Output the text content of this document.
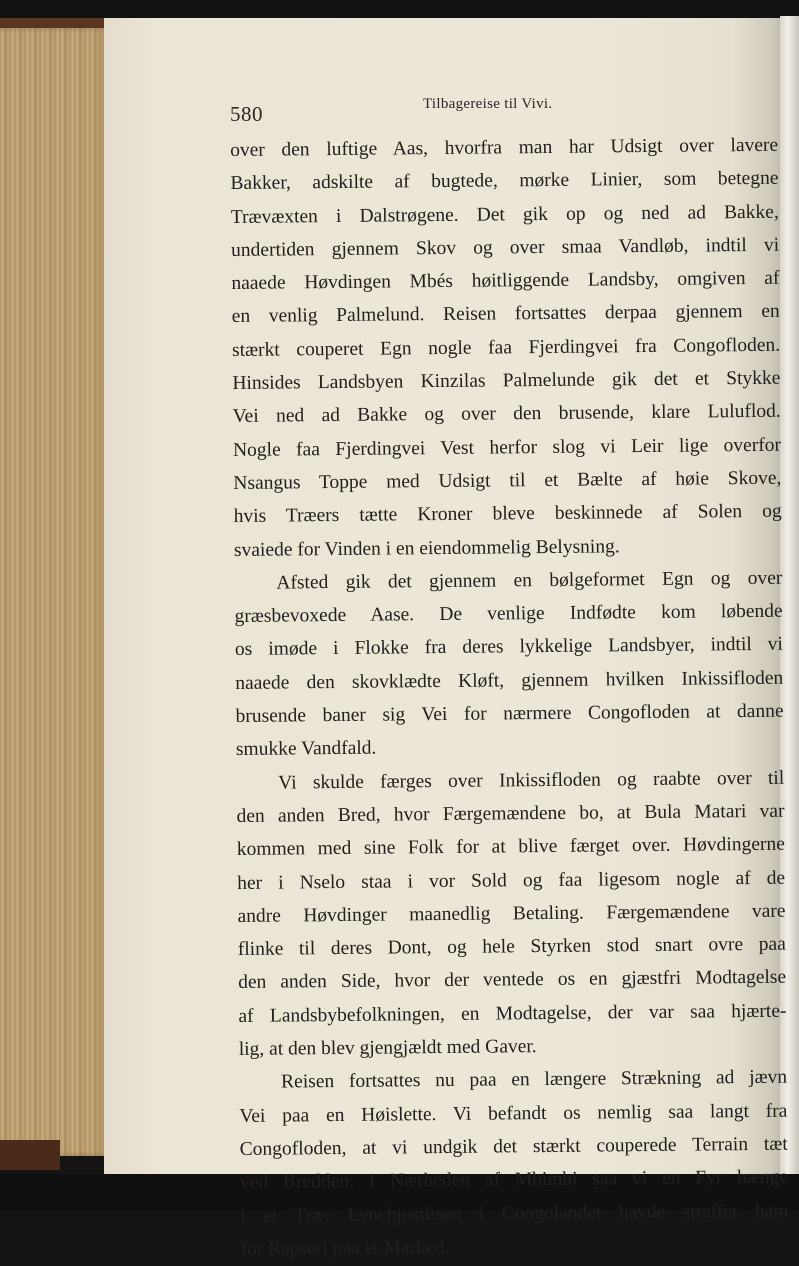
580	Tilbagereise til Vivi.
over den luftige Aas, hvorfra man har Udsigt over lavere
Bakker, adskilte af bugtede, mørke Linier, som betegne
Trævæxten i Dalstrøgene. Det gik op og ned ad Bakke,
undertiden gjennem Skov og over smaa Vandløb, indtil vi
naaede Høvdingen Mbés høitliggende Landsby, omgiven af
en venlig Palmelund. Reisen fortsattes derpaa gjennem en
stærkt couperet Egn nogle faa Fjerdingvei fra Congofloden.
Hinsides Landsbyen Kinzilas Palmelunde gik det et Stykke
Vei ned ad Bakke og over den brusende, klare Luluflod.
Nogle faa Fjerdingvei Vest herfor slog vi Leir lige overfor
Nsangus Toppe med Udsigt til et Bælte af høie Skove,
hvis Træers tætte Kroner bleve beskinnede af Solen og
svaiede for Vinden i en eiendommelig Belysning.
Afsted gik det gjennem en bølgeformet Egn og over
græsbevoxede Aase. De venlige Indfødte kom løbende
os imøde i Flokke fra deres lykkelige Landsbyer, indtil vi
naaede den skovklædte Kløft, gjennem hvilken Inkissifloden
brusende baner sig Vei for nærmere Congofloden at danne
smukke Vandfald.
Vi skulde færges over Inkissifloden og raabte over til
den anden Bred, hvor Færgemændene bo, at Bula Matari var
kommen med sine Folk for at blive færget over. Høvdingerne
her i Nselo staa i vor Sold og faa ligesom nogle af de
andre Høvdinger maanedlig Betaling. Færgemændene vare
flinke til deres Dont, og hele Styrken stod snart ovre paa
den anden Side, hvor der ventede os en gjæstfri Modtagelse
af Landsbybefolkningen, en Modtagelse, der var saa hjærte-
lig, at den blev gjengjældt med Gaver.
Reisen fortsattes nu paa en længere Strækning ad jævn
Vei paa en Høislette. Vi befandt os nemlig saa langt fra
Congofloden, at vi undgik det stærkt couperede Terrain tæt
ved Bredden. I Nærheden af Mbimbi saa vi en Fyr hænge
i et Træ; Lynchjustitsen i Congolandet havde straffet ham
for Rapseri paa et Marked.
